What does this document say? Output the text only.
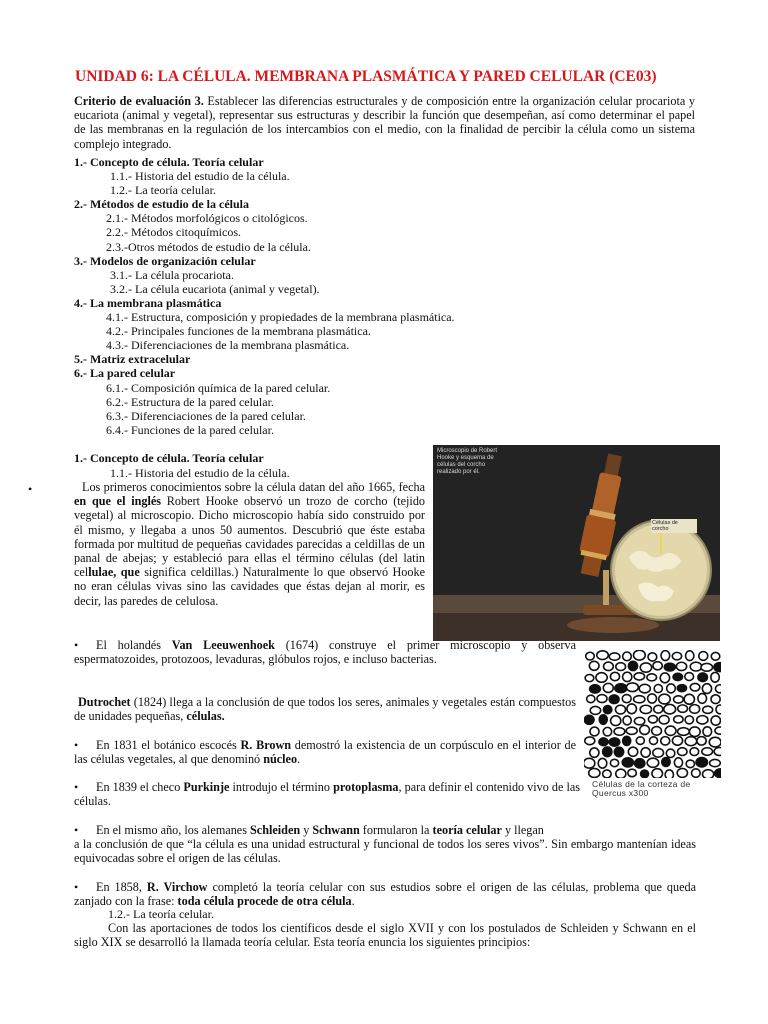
UNIDAD 6: LA CÉLULA. MEMBRANA PLASMÁTICA Y PARED CELULAR (CE03)
Criterio de evaluación 3. Establecer las diferencias estructurales y de composición entre la organización celular procariota y eucariota (animal y vegetal), representar sus estructuras y describir la función que desempeñan, así como determinar el papel de las membranas en la regulación de los intercambios con el medio, con la finalidad de percibir la célula como un sistema complejo integrado.
1.- Concepto de célula. Teoría celular
1.1.- Historia del estudio de la célula.
1.2.- La teoría celular.
2.- Métodos de estudio de la célula
2.1.- Métodos morfológicos o citológicos.
2.2.- Métodos citoquímicos.
2.3.-Otros métodos de estudio de la célula.
3.- Modelos de organización celular
3.1.- La célula procariota.
3.2.- La célula eucariota (animal y vegetal).
4.- La membrana plasmática
4.1.- Estructura, composición y propiedades de la membrana plasmática.
4.2.- Principales funciones de la membrana plasmática.
4.3.- Diferenciaciones de la membrana plasmática.
5.- Matriz extracelular
6.- La pared celular
6.1.- Composición química de la pared celular.
6.2.- Estructura de la pared celular.
6.3.- Diferenciaciones de la pared celular.
6.4.- Funciones de la pared celular.
1.- Concepto de célula. Teoría celular
1.1.- Historia del estudio de la célula.
•	Los primeros conocimientos sobre la célula datan del año 1665, fecha en que el inglés Robert Hooke observó un trozo de corcho (tejido vegetal) al microscopio. Dicho microscopio había sido construido por él mismo, y llegaba a unos 50 aumentos. Descubrió que éste estaba formada por multitud de pequeñas cavidades parecidas a celdillas de un panal de abejas; y estableció para ellas el término células (del latin cellulae, que significa celdillas.) Naturalmente lo que observó Hooke no eran células vivas sino las cavidades que éstas dejan al morir, es decir, las paredes de celulosa.
Microscopio de Robert Hooke y esquema de células del corcho realizado por él.
Células de corcho
Células de la corteza de Quercus x300
•	El holandés Van Leeuwenhoek (1674) construye el primer microscopio y observa espermatozoides, protozoos, levaduras, glóbulos rojos, e incluso bacterias.
Dutrochet (1824) llega a la conclusión de que todos los seres, animales y vegetales están compuestos de unidades pequeñas, células.
•	En 1831 el botánico escocés R. Brown demostró la existencia de un corpúsculo en el interior de las células vegetales, al que denominó núcleo.
•	En 1839 el checo Purkinje introdujo el término protoplasma, para definir el contenido vivo de las células.
• En el mismo año, los alemanes Schleiden y Schwann formularon la teoría celular y llegan
a la conclusión de que “la célula es una unidad estructural y funcional de todos los seres vivos”. Sin embargo mantenían ideas equivocadas sobre el origen de las células.
•	En 1858, R. Virchow completó la teoría celular con sus estudios sobre el origen de las células, problema que queda zanjado con la frase: toda célula procede de otra célula.
1.2.- La teoría celular.
Con las aportaciones de todos los científicos desde el siglo XVII y con los postulados de Schleiden y Schwann en el siglo XIX se desarrolló la llamada teoría celular. Esta teoría enuncia los siguientes principios:
